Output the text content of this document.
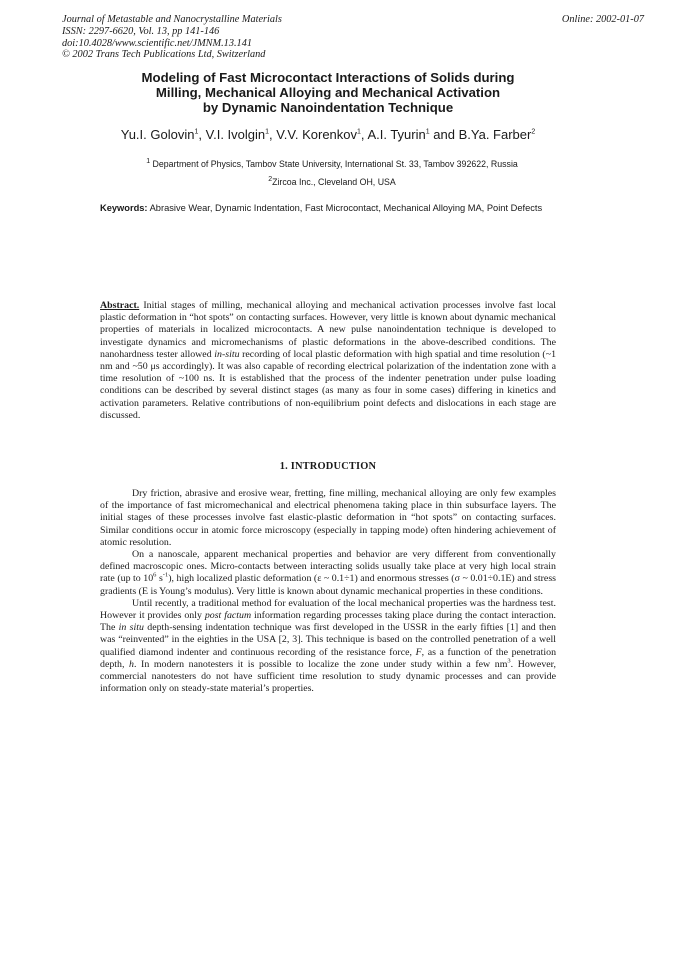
Journal of Metastable and Nanocrystalline Materials
ISSN: 2297-6620, Vol. 13, pp 141-146
doi:10.4028/www.scientific.net/JMNM.13.141
© 2002 Trans Tech Publications Ltd, Switzerland
Online: 2002-01-07
Modeling of Fast Microcontact Interactions of Solids during
Milling, Mechanical Alloying and Mechanical Activation
by Dynamic Nanoindentation Technique
Yu.I. Golovin$^1$, V.I. Ivolgin$^1$, V.V. Korenkov$^1$, A.I. Tyurin$^1$ and B.Ya. Farber$^2$
$^1$ Department of Physics, Tambov State University, International St. 33, Tambov 392622, Russia
$^2$Zircoa Inc., Cleveland OH, USA
Keywords: Abrasive Wear, Dynamic Indentation, Fast Microcontact, Mechanical Alloying MA, Point Defects
Abstract. Initial stages of milling, mechanical alloying and mechanical activation processes involve fast local plastic deformation in “hot spots” on contacting surfaces. However, very little is known about dynamic mechanical properties of materials in localized microcontacts. A new pulse nanoindentation technique is developed to investigate dynamics and micromechanisms of plastic deformations in the above-described conditions. The nanohardness tester allowed in-situ recording of local plastic deformation with high spatial and time resolution (~1 nm and ~50 μs accordingly). It was also capable of recording electrical polarization of the indentation zone with a time resolution of ~100 ns. It is established that the process of the indenter penetration under pulse loading conditions can be described by several distinct stages (as many as four in some cases) differing in kinetics and activation parameters. Relative contributions of non-equilibrium point defects and dislocations in each stage are discussed.
1. INTRODUCTION

Dry friction, abrasive and erosive wear, fretting, fine milling, mechanical alloying are only few examples of the importance of fast micromechanical and electrical phenomena taking place in thin subsurface layers. The initial stages of these processes involve fast elastic-plastic deformation in “hot spots” on contacting surfaces. Similar conditions occur in atomic force microscopy (especially in tapping mode) often hindering achievement of atomic resolution.

On a nanoscale, apparent mechanical properties and behavior are very different from conventionally defined macroscopic ones. Micro-contacts between interacting solids usually take place at very high local strain rate (up to $10^6$ $s^{-1}$), high localized plastic deformation (ε ~ 0.1÷1) and enormous stresses (σ ~ 0.01÷0.1E) and stress gradients (E is Young’s modulus). Very little is known about dynamic mechanical properties in these conditions.

Until recently, a traditional method for evaluation of the local mechanical properties was the hardness test. However it provides only post factum information regarding processes taking place during the contact interaction. The in situ depth-sensing indentation technique was first developed in the USSR in the early fifties [1] and then was “reinvented” in the eighties in the USA [2, 3]. This technique is based on the controlled penetration of a well qualified diamond indenter and continuous recording of the resistance force, F, as a function of the penetration depth, h. In modern nanotesters it is possible to localize the zone under study within a few $nm^3$. However, commercial nanotesters do not have sufficient time resolution to study dynamic processes and can provide information only on steady-state material’s properties.
